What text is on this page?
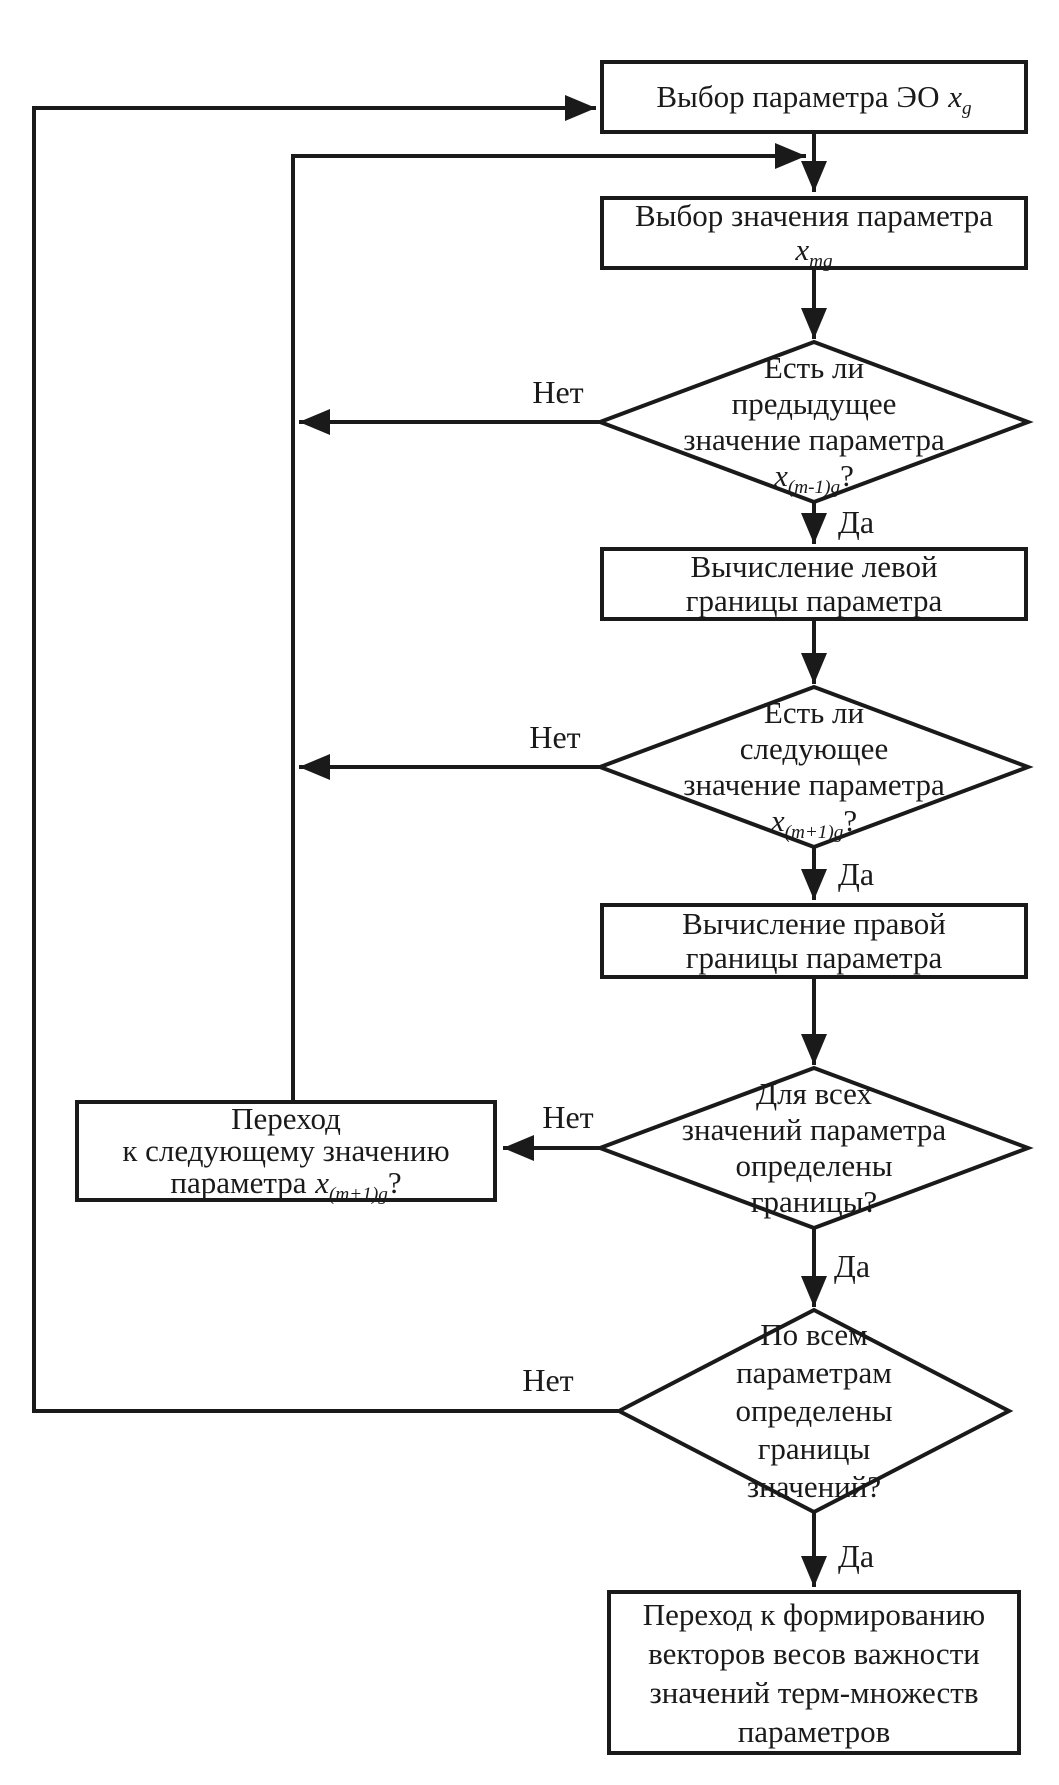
Выбор параметра ЭО $x_g$
Выбор значения параметра
$x_{mg}$
Вычисление левой
границы параметра
Вычисление правой
границы параметра
Переход
к следующему значению
параметра $x_{(m+1)g}$?
Переход к формированию
векторов весов важности
значений терм-множеств
параметров
Есть ли
предыдущее
значение параметра
$x_{(m-1)g}$?
Есть ли
следующее
значение параметра
$x_{(m+1)g}$?
Для всех
значений параметра
определены
границы?
По всем
параметрам
определены
границы
значений?
Нет
Нет
Нет
Нет
Да
Да
Да
Да
